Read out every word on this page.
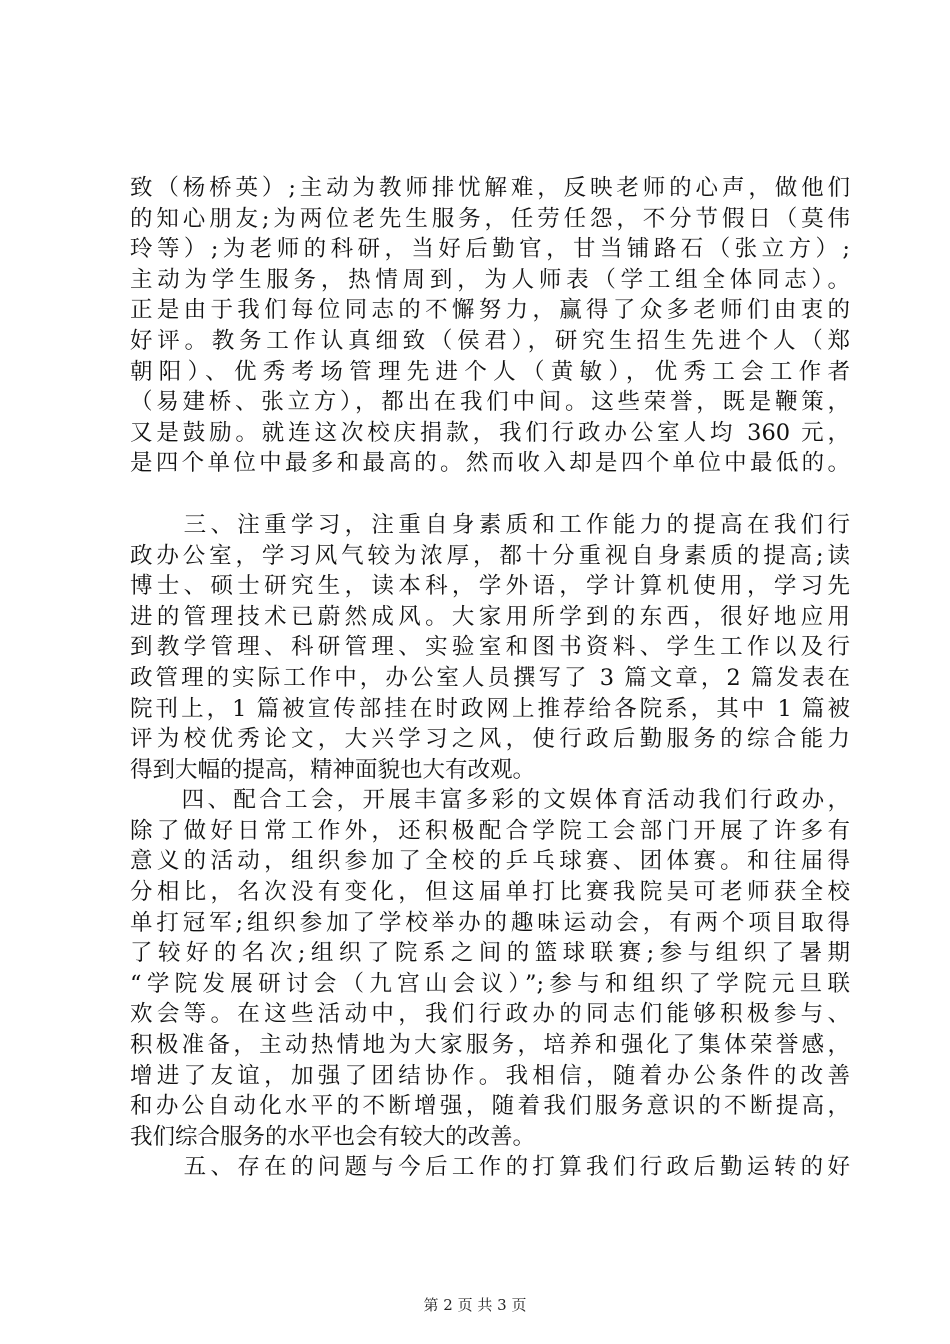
致（杨桥英）;主动为教师排忧解难，反映老师的心声，做他们
的知心朋友;为两位老先生服务，任劳任怨，不分节假日（莫伟
玲等）;为老师的科研，当好后勤官，甘当铺路石（张立方）;
主动为学生服务，热情周到，为人师表（学工组全体同志）。
正是由于我们每位同志的不懈努力，赢得了众多老师们由衷的
好评。教务工作认真细致（侯君），研究生招生先进个人（郑
朝阳）、优秀考场管理先进个人（黄敏），优秀工会工作者
（易建桥、张立方），都出在我们中间。这些荣誉，既是鞭策，
又是鼓励。就连这次校庆捐款，我们行政办公室人均 360 元，
是四个单位中最多和最高的。然而收入却是四个单位中最低的。
　　三、注重学习，注重自身素质和工作能力的提高在我们行
政办公室，学习风气较为浓厚，都十分重视自身素质的提高;读
博士、硕士研究生，读本科，学外语，学计算机使用，学习先
进的管理技术已蔚然成风。大家用所学到的东西，很好地应用
到教学管理、科研管理、实验室和图书资料、学生工作以及行
政管理的实际工作中，办公室人员撰写了 3 篇文章，2 篇发表在
院刊上，1 篇被宣传部挂在时政网上推荐给各院系，其中 1 篇被
评为校优秀论文，大兴学习之风，使行政后勤服务的综合能力
得到大幅的提高，精神面貌也大有改观。
　　四、配合工会，开展丰富多彩的文娱体育活动我们行政办，
除了做好日常工作外，还积极配合学院工会部门开展了许多有
意义的活动，组织参加了全校的乒乓球赛、团体赛。和往届得
分相比，名次没有变化，但这届单打比赛我院吴可老师获全校
单打冠军;组织参加了学校举办的趣味运动会，有两个项目取得
了较好的名次;组织了院系之间的篮球联赛;参与组织了暑期
“学院发展研讨会（九宫山会议）”;参与和组织了学院元旦联
欢会等。在这些活动中，我们行政办的同志们能够积极参与、
积极准备，主动热情地为大家服务，培养和强化了集体荣誉感，
增进了友谊，加强了团结协作。我相信，随着办公条件的改善
和办公自动化水平的不断增强，随着我们服务意识的不断提高，
我们综合服务的水平也会有较大的改善。
　　五、存在的问题与今后工作的打算我们行政后勤运转的好
第 2 页 共 3 页
